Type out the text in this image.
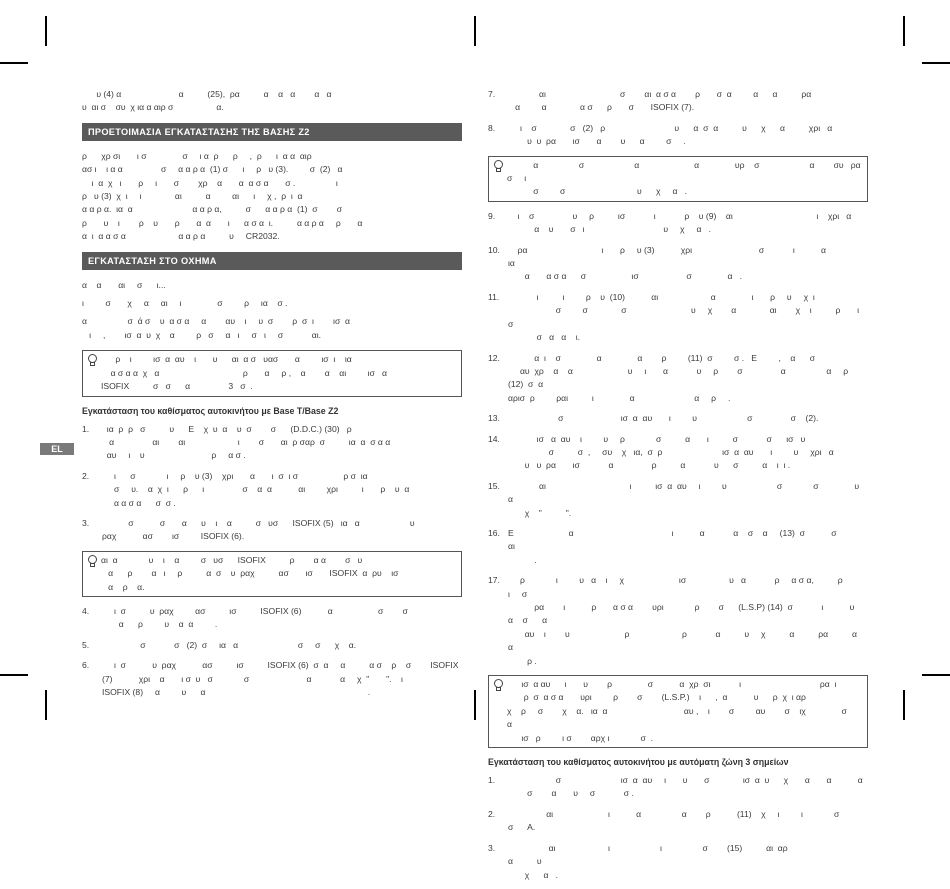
EL
υ (4) α                        α          (25),  ρα          α    α   α        α   α
υ  αι σ    συ  χ ια α αιρ σ                  α.
ΠΡΟΕΤΟΙΜΑΣΙΑ ΕΓΚΑΤΑΣΤΑΣΗΣ ΤΗΣ ΒΑΣΗΣ Z2
ρ      χρ σι       ι σ               σ     ι α  ρ      ρ     ,  ρ      ι  α α  αιρ
ασ ι    ι α α                σ     α α ρ α  (1) σ      ι     ρ   υ (3).         σ  (2)   α
ι  α  χ   ι       ρ     ι       σ        χρ    α       α  α σ α       σ .                 ι
ρ   υ (3)  χ  ι     ι              αι          α         αι      ι     χ ,  ρ  ι  α
α α ρ α.  ια  α                         α α ρ α,          σ      α α ρ α  (1)  σ        σ
ρ       υ    ι        ρ    υ       ρ       α  α       ι      α σ α  ι.          α α ρ α     ρ       α
α  ι  α α σ α                      α α ρ α          υ     CR2032.
ΕΓΚΑΤΑΣΤΑΣΗ ΣΤΟ ΟΧΗΜΑ
α    α       αι     σ      ι...
ι         σ       χ     α     αι     ι               σ         ρ     ια    σ .
α                 σ  ά σ    υ  α σ α     α        αυ    ι     υ  σ        ρ  σ  ι        ισ  α
ι     ,        ισ  α  υ  χ    α         ρ   σ     α   ι     σ   ι     σ            αι.
ρ    ι         ισ  α  αυ    ι       υ      αι  α σ   υασ       α         ισ  ι    ια
α σ α α  χ   α                                   ρ       α     ρ ,    α        α    αι         ισ   α
ISOFIX          σ   σ      α                3   σ  .
Εγκατάσταση του καθίσματος αυτοκινήτου με Base T/Base Z2
1.	ια  ρ  ρ   σ          υ      Ε    χ  υ  α    υ  σ        σ      (D.D.C.) (30)   ρ
α                αι        αι                      ι        σ       αι  ρ σαρ  σ          ια  α  σ α α
αυ     ι    υ                            ρ     α σ .
2.	ι      σ             ι     ρ    υ (3)    χρι       α       ι  σ  ι σ                   ρ σ  ια
σ     υ.    α  χ  ι      ρ      ι                σ    α  α           αι         χρι          ι       ρ    υ  α
α α σ α      σ  σ .
3.	σ           σ       α      υ    ι    α          σ   υσ      ISOFIX (5)   ια   α                     υ
ραχ           ασ        ισ         ISOFIX (6).
αι  α             υ    ι    α         σ   υσ      ISOFIX          ρ        α α        σ   υ
α      ρ        α   ι     ρ          α  σ    υ  ραχ          ασ       ισ       ISOFIX  α  ρυ    ισ
α    ρ    α.
4.	ι  σ          υ  ραχ         ασ          ισ          ISOFIX (6)           α                   σ        σ
α      ρ         υ    α  α         .
5.	σ            σ   (2)  σ     ια   α                         σ     σ      χ    α.
6.	ι  σ           υ  ραχ           ασ          ισ          ISOFIX (6)  σ  α     α          α σ    ρ    σ        ISOFIX
(7)           χρι    α       ι σ  υ   σ             σ                        α            α     χ  "       ".    ι
ISOFIX (8)     α         υ      α                                                                    .
7.	αι                               σ        αι  α σ α        ρ       σ  α         α      α          ρα
α         α              α σ      ρ       σ       ISOFIX (7).
8.	ι    σ              σ   (2)   ρ                             υ      α  σ  α          υ      χ      α          χρι   α
υ  υ  ρα       ισ       α        υ      α         σ     .
α                 σ                     α                       α               υρ    σ                     α        συ   ρα  σ     ι
σ         σ                              υ      χ     α   .
9.	ι    σ                υ     ρ          ισ            ι            ρ    υ (9)    αι                                   ι    χρι   α
α    υ       σ   ι                                 υ     χ     α   .
10.	ρα                               ι       ρ     υ (3)           χρι                            σ            ι           α                 ια
α       α σ α      σ                   ισ                    σ               α   .
11.	ι          ι         ρ    υ  (10)           αι                      α               ι       ρ     υ     χ  ι
σ         σ              σ                           υ     χ        α              αι        χ    ι          ρ       ι              σ
σ   α   α    ι.
12.	α  ι    σ               α               α        ρ         (11)  σ         σ .   Ε         ,    α      σ
αυ  χρ    α    α                       υ     ι       α            υ     ρ        σ                α                 α     ρ      (12)  σ  α
αρισ  ρ         ραι          ι               α                         α     ρ     .
13. σ                        ισ  α  αυ       ι         υ                     σ                σ    (2).
14.	ισ   α  αυ    ι         υ     ρ             σ          α       ι          σ            σ      ισ   υ
σ          σ  ,     συ    χ   ια,  σ  ρ                         ισ  α  αυ       ι         υ     χρι   α
υ   υ  ρα       ισ            α                ρ          α            υ      σ          α    ι  ι .
15.	αι                                   ι          ισ  α  αυ     ι         υ                     σ             σ               υ    α
χ    "          ".
16. Ε                       α                                         ι           α            α    σ    α     (13)  σ           σ             αι
.
17.	ρ             ι         υ   α    ι     χ                       ισ                  υ   α            ρ     α σ α,          ρ           ι     σ
ρα        ι           ρ       α σ α        υρι             ρ        σ      (L.S.P) (14)  σ            ι           υ     α    σ      α
αυ    ι        υ                       ρ                      ρ            α          υ     χ          α          ρα          α      α
ρ .
ισ  α αυ      ι       υ        ρ               σ           α  χρ  σι            ι                                 ρα  ι
ρ  σ  α σ α       υρι         ρ        σ        (L.S.P.)    ι      ,  α           υ      ρ  χ  ι αρ
χ    ρ     σ        χ    α.   ια  α                                αυ ,    ι        σ         αυ        σ    ιχ               σ     α
ισ   ρ         ι σ        αρχ ι             σ  .
Εγκατάσταση του καθίσματος αυτοκινήτου με αυτόματη ζώνη 3 σημείων
1.	σ                         ισ  α  αυ     ι       υ       σ              ισ  α  υ      χ       α       α           α
σ        α       υ     σ            σ .
2.	αι                       ι           α                 α        ρ           (11)    χ     ι         ι             σ           σ      Α.
3.	αι                      ι                     ι                 σ        (15)          αι  αρ                                        α          υ
χ      α   .
